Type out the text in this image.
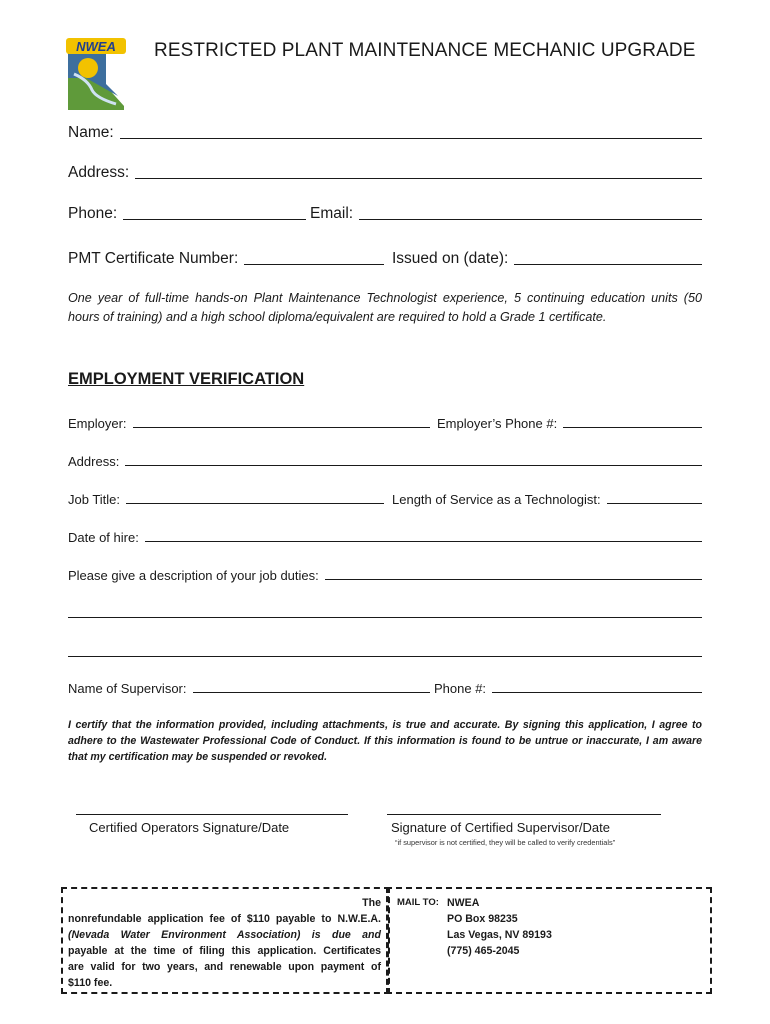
NWEA RESTRICTED PLANT MAINTENANCE MECHANIC UPGRADE
Name:
Address:
Phone:	Email:
PMT Certificate Number:	Issued on (date):
One year of full-time hands-on Plant Maintenance Technologist experience, 5 continuing education units (50 hours of training) and a high school diploma/equivalent are required to hold a Grade 1 certificate.
EMPLOYMENT VERIFICATION
Employer:	Employer’s Phone #:
Address:
Job Title:	Length of Service as a Technologist:
Date of hire:
Please give a description of your job duties:
Name of Supervisor:	Phone #:
I certify that the information provided, including attachments, is true and accurate. By signing this application, I agree to adhere to the Wastewater Professional Code of Conduct. If this information is found to be untrue or inaccurate, I am aware that my certification may be suspended or revoked.
Certified Operators Signature/Date	Signature of Certified Supervisor/Date
“if supervisor is not certified, they will be called to verify credentials”
The
nonrefundable application fee of $110 payable to N.W.E.A.
(Nevada Water Environment Association) is due and
payable at the time of filing this application. Certificates
are valid for two years, and renewable upon payment of
$110 fee.
MAIL TO: NWEA
PO Box 98235
Las Vegas, NV 89193
(775) 465-2045
